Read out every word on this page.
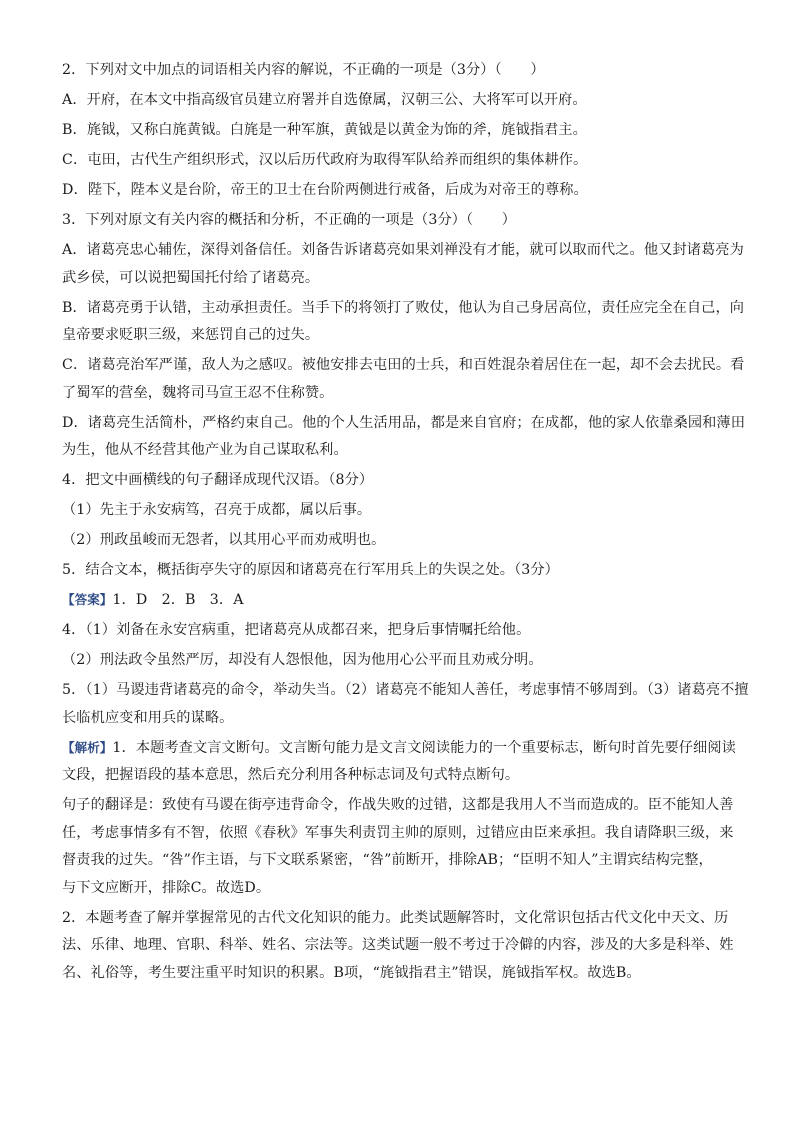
2．下列对文中加点的词语相关内容的解说，不正确的一项是（3分）（　　）
A．开府，在本文中指高级官员建立府署并自选僚属，汉朝三公、大将军可以开府。
B．旄钺，又称白旄黄钺。白旄是一种军旗，黄钺是以黄金为饰的斧，旄钺指君主。
C．屯田，古代生产组织形式，汉以后历代政府为取得军队给养而组织的集体耕作。
D．陛下，陛本义是台阶，帝王的卫士在台阶两侧进行戒备，后成为对帝王的尊称。
3．下列对原文有关内容的概括和分析，不正确的一项是（3分）（　　）
A．诸葛亮忠心辅佐，深得刘备信任。刘备告诉诸葛亮如果刘禅没有才能，就可以取而代之。他又封诸葛亮为
武乡侯，可以说把蜀国托付给了诸葛亮。
B．诸葛亮勇于认错，主动承担责任。当手下的将领打了败仗，他认为自己身居高位，责任应完全在自己，向
皇帝要求贬职三级，来惩罚自己的过失。
C．诸葛亮治军严谨，敌人为之感叹。被他安排去屯田的士兵，和百姓混杂着居住在一起，却不会去扰民。看
了蜀军的营垒，魏将司马宣王忍不住称赞。
D．诸葛亮生活简朴，严格约束自己。他的个人生活用品，都是来自官府；在成都，他的家人依靠桑园和薄田
为生，他从不经营其他产业为自己谋取私利。
4．把文中画横线的句子翻译成现代汉语。（8分）
（1）先主于永安病笃，召亮于成都，属以后事。
（2）刑政虽峻而无怨者，以其用心平而劝戒明也。
5．结合文本，概括街亭失守的原因和诸葛亮在行军用兵上的失误之处。（3分）
【答案】1．D　2．B　3．A
4．（1）刘备在永安宫病重，把诸葛亮从成都召来，把身后事情嘱托给他。
（2）刑法政令虽然严厉，却没有人怨恨他，因为他用心公平而且劝戒分明。
5．（1）马谡违背诸葛亮的命令，举动失当。（2）诸葛亮不能知人善任，考虑事情不够周到。（3）诸葛亮不擅
长临机应变和用兵的谋略。
【解析】1．本题考查文言文断句。文言断句能力是文言文阅读能力的一个重要标志，断句时首先要仔细阅读
文段，把握语段的基本意思，然后充分利用各种标志词及句式特点断句。
句子的翻译是：致使有马谡在街亭违背命令，作战失败的过错，这都是我用人不当而造成的。臣不能知人善
任，考虑事情多有不智，依照《春秋》军事失利责罚主帅的原则，过错应由臣来承担。我自请降职三级，来
督责我的过失。“咎”作主语，与下文联系紧密，“咎”前断开，排除AB；“臣明不知人”主谓宾结构完整，
与下文应断开，排除C。故选D。
2．本题考查了解并掌握常见的古代文化知识的能力。此类试题解答时，文化常识包括古代文化中天文、历
法、乐律、地理、官职、科举、姓名、宗法等。这类试题一般不考过于冷僻的内容，涉及的大多是科举、姓
名、礼俗等，考生要注重平时知识的积累。B项，“旄钺指君主”错误，旄钺指军权。故选B。
